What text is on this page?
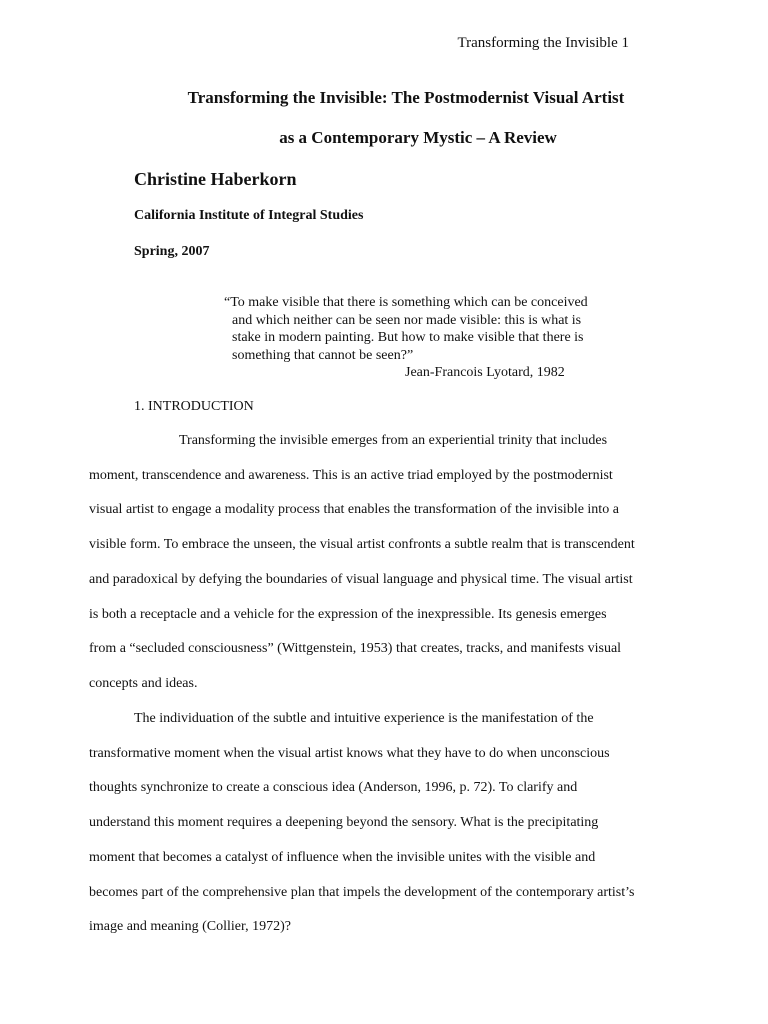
Transforming the Invisible 1
Transforming the Invisible: The Postmodernist Visual Artist
as a Contemporary Mystic – A Review
Christine Haberkorn
California Institute of Integral Studies
Spring, 2007
“To make visible that there is something which can be conceived
and which neither can be seen nor made visible: this is what is
stake in modern painting. But how to make visible that there is
something that cannot be seen?”
Jean-Francois Lyotard, 1982
1. INTRODUCTION
Transforming the invisible emerges from an experiential trinity that includes
moment, transcendence and awareness. This is an active triad employed by the postmodernist
visual artist to engage a modality process that enables the transformation of the invisible into a
visible form. To embrace the unseen, the visual artist confronts a subtle realm that is transcendent
and paradoxical by defying the boundaries of visual language and physical time. The visual artist
is both a receptacle and a vehicle for the expression of the inexpressible. Its genesis emerges
from a “secluded consciousness” (Wittgenstein, 1953) that creates, tracks, and manifests visual
concepts and ideas.
The individuation of the subtle and intuitive experience is the manifestation of the
transformative moment when the visual artist knows what they have to do when unconscious
thoughts synchronize to create a conscious idea (Anderson, 1996, p. 72). To clarify and
understand this moment requires a deepening beyond the sensory. What is the precipitating
moment that becomes a catalyst of influence when the invisible unites with the visible and
becomes part of the comprehensive plan that impels the development of the contemporary artist’s
image and meaning (Collier, 1972)?
